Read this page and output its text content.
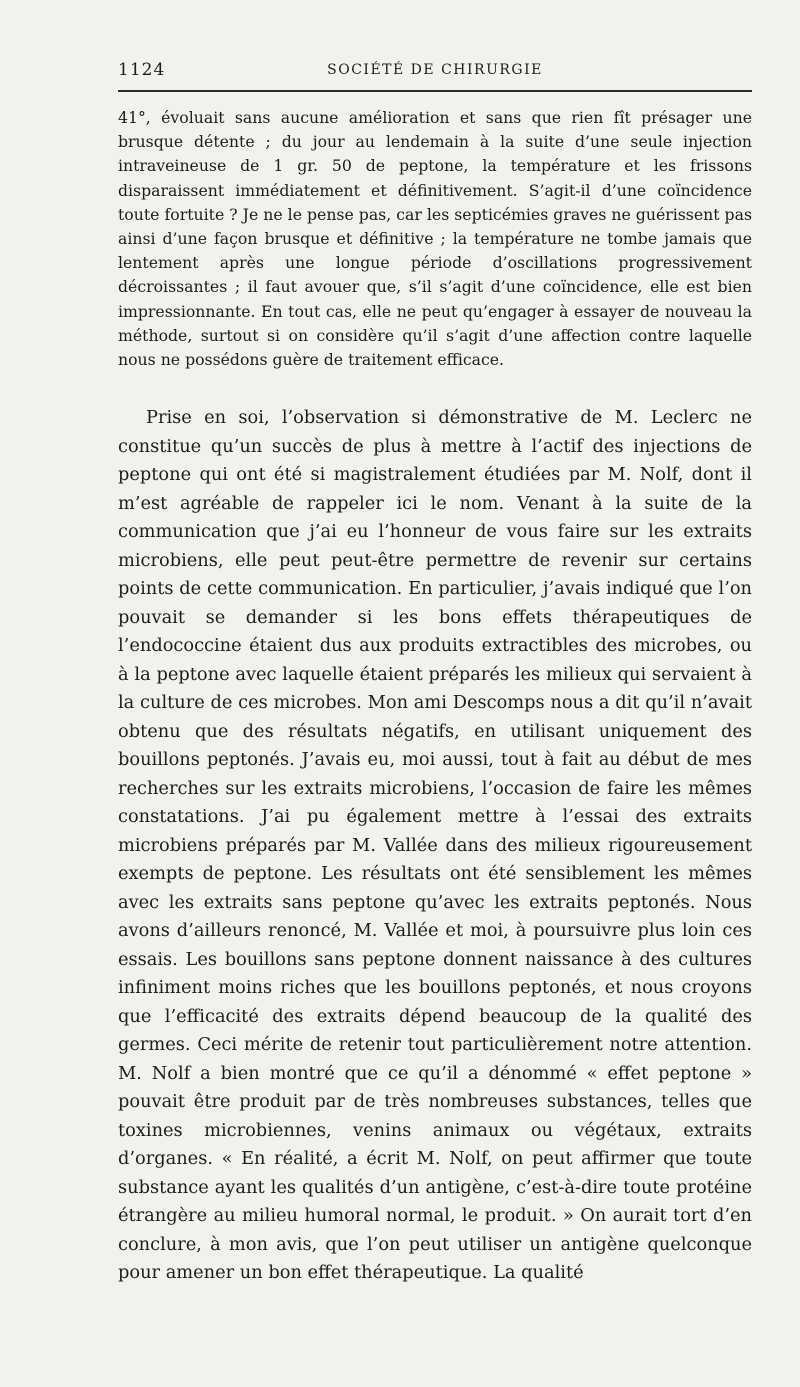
1124	SOCIÉTÉ DE CHIRURGIE

41°, évoluait sans aucune amélioration et sans que rien fît présager une brusque détente ; du jour au lendemain à la suite d’une seule injection intraveineuse de 1 gr. 50 de peptone, la température et les frissons disparaissent immédiatement et définitivement. S’agit-il d’une coïncidence toute fortuite ? Je ne le pense pas, car les septicémies graves ne guérissent pas ainsi d’une façon brusque et définitive ; la température ne tombe jamais que lentement après une longue période d’oscillations progressivement décroissantes ; il faut avouer que, s’il s’agit d’une coïncidence, elle est bien impressionnante. En tout cas, elle ne peut qu’engager à essayer de nouveau la méthode, surtout si on considère qu’il s’agit d’une affection contre laquelle nous ne possédons guère de traitement efficace.

Prise en soi, l’observation si démonstrative de M. Leclerc ne constitue qu’un succès de plus à mettre à l’actif des injections de peptone qui ont été si magistralement étudiées par M. Nolf, dont il m’est agréable de rappeler ici le nom. Venant à la suite de la communication que j’ai eu l’honneur de vous faire sur les extraits microbiens, elle peut peut-être permettre de revenir sur certains points de cette communication. En particulier, j’avais indiqué que l’on pouvait se demander si les bons effets thérapeutiques de l’endococcine étaient dus aux produits extractibles des microbes, ou à la peptone avec laquelle étaient préparés les milieux qui servaient à la culture de ces microbes. Mon ami Descomps nous a dit qu’il n’avait obtenu que des résultats négatifs, en utilisant uniquement des bouillons peptonés. J’avais eu, moi aussi, tout à fait au début de mes recherches sur les extraits microbiens, l’occasion de faire les mêmes constatations. J’ai pu également mettre à l’essai des extraits microbiens préparés par M. Vallée dans des milieux rigoureusement exempts de peptone. Les résultats ont été sensiblement les mêmes avec les extraits sans peptone qu’avec les extraits peptonés. Nous avons d’ailleurs renoncé, M. Vallée et moi, à poursuivre plus loin ces essais. Les bouillons sans peptone donnent naissance à des cultures infiniment moins riches que les bouillons peptonés, et nous croyons que l’efficacité des extraits dépend beaucoup de la qualité des germes. Ceci mérite de retenir tout particulièrement notre attention. M. Nolf a bien montré que ce qu’il a dénommé « effet peptone » pouvait être produit par de très nombreuses substances, telles que toxines microbiennes, venins animaux ou végétaux, extraits d’organes. « En réalité, a écrit M. Nolf, on peut affirmer que toute substance ayant les qualités d’un antigène, c’est-à-dire toute protéine étrangère au milieu humoral normal, le produit. » On aurait tort d’en conclure, à mon avis, que l’on peut utiliser un antigène quelconque pour amener un bon effet thérapeutique. La qualité
